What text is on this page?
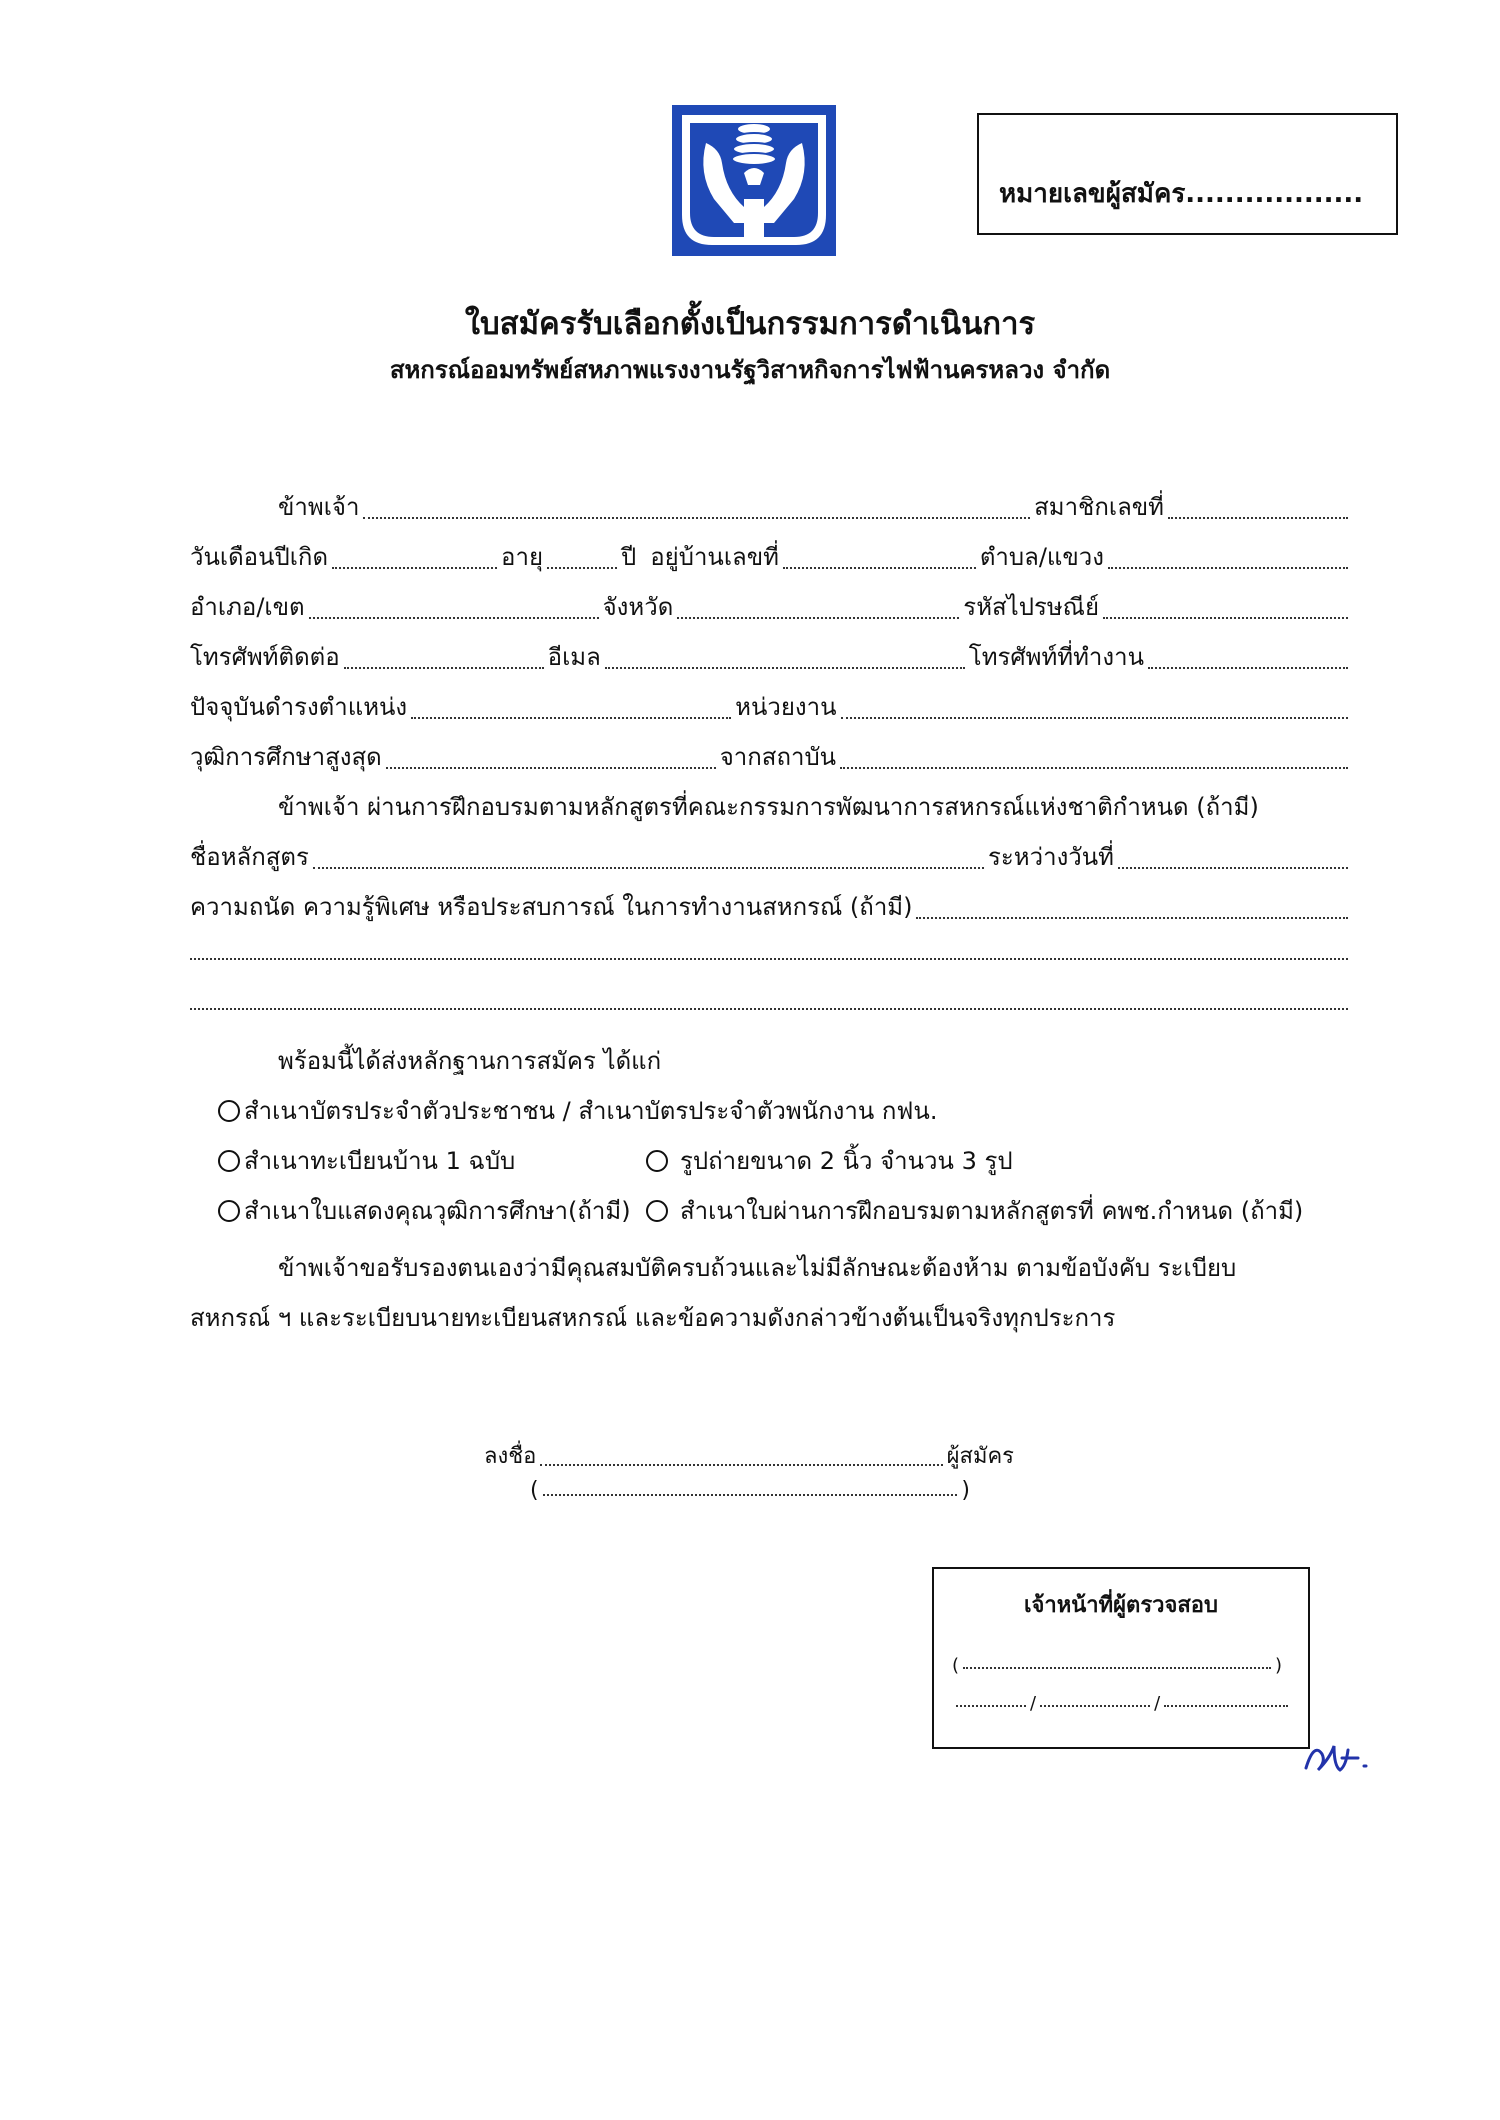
หมายเลขผู้สมัคร..................
ใบสมัครรับเลือกตั้งเป็นกรรมการดำเนินการ
สหกรณ์ออมทรัพย์สหภาพแรงงานรัฐวิสาหกิจการไฟฟ้านครหลวง จำกัด
ข้าพเจ้า	สมาชิกเลขที่
วันเดือนปีเกิด	อายุ	ปี อยู่บ้านเลขที่	ตำบล/แขวง
อำเภอ/เขต	จังหวัด	รหัสไปรษณีย์
โทรศัพท์ติดต่อ	อีเมล	โทรศัพท์ที่ทำงาน
ปัจจุบันดำรงตำแหน่ง	หน่วยงาน
วุฒิการศึกษาสูงสุด	จากสถาบัน
ข้าพเจ้า ผ่านการฝึกอบรมตามหลักสูตรที่คณะกรรมการพัฒนาการสหกรณ์แห่งชาติกำหนด (ถ้ามี)
ชื่อหลักสูตร	ระหว่างวันที่
ความถนัด ความรู้พิเศษ หรือประสบการณ์ ในการทำงานสหกรณ์ (ถ้ามี)
พร้อมนี้ได้ส่งหลักฐานการสมัคร ได้แก่
สำเนาบัตรประจำตัวประชาชน / สำเนาบัตรประจำตัวพนักงาน กฟน.
สำเนาทะเบียนบ้าน 1 ฉบับ	รูปถ่ายขนาด 2 นิ้ว จำนวน 3 รูป
สำเนาใบแสดงคุณวุฒิการศึกษา(ถ้ามี)	สำเนาใบผ่านการฝึกอบรมตามหลักสูตรที่ คพช.กำหนด (ถ้ามี)
ข้าพเจ้าขอรับรองตนเองว่ามีคุณสมบัติครบถ้วนและไม่มีลักษณะต้องห้าม ตามข้อบังคับ ระเบียบ
สหกรณ์ ฯ และระเบียบนายทะเบียนสหกรณ์ และข้อความดังกล่าวข้างต้นเป็นจริงทุกประการ
ลงชื่อ	ผู้สมัคร
(	)
เจ้าหน้าที่ผู้ตรวจสอบ
(	)
/	/
